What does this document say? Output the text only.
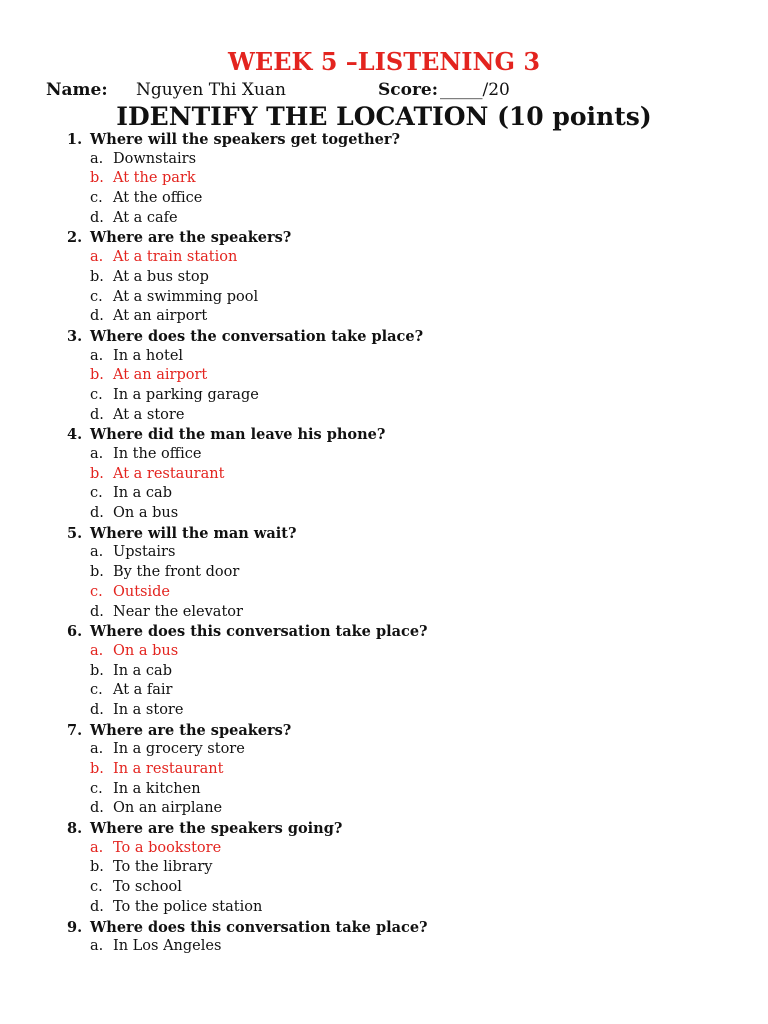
WEEK 5 –LISTENING 3
Name: Nguyen Thi Xuan	Score: _____/20
IDENTIFY THE LOCATION (10 points)
1. Where will the speakers get together?
a. Downstairs
b. At the park
c. At the office
d. At a cafe
2. Where are the speakers?
a. At a train station
b. At a bus stop
c. At a swimming pool
d. At an airport
3. Where does the conversation take place?
a. In a hotel
b. At an airport
c. In a parking garage
d. At a store
4. Where did the man leave his phone?
a. In the office
b. At a restaurant
c. In a cab
d. On a bus
5. Where will the man wait?
a. Upstairs
b. By the front door
c. Outside
d. Near the elevator
6. Where does this conversation take place?
a. On a bus
b. In a cab
c. At a fair
d. In a store
7. Where are the speakers?
a. In a grocery store
b. In a restaurant
c. In a kitchen
d. On an airplane
8. Where are the speakers going?
a. To a bookstore
b. To the library
c. To school
d. To the police station
9. Where does this conversation take place?
a. In Los Angeles
